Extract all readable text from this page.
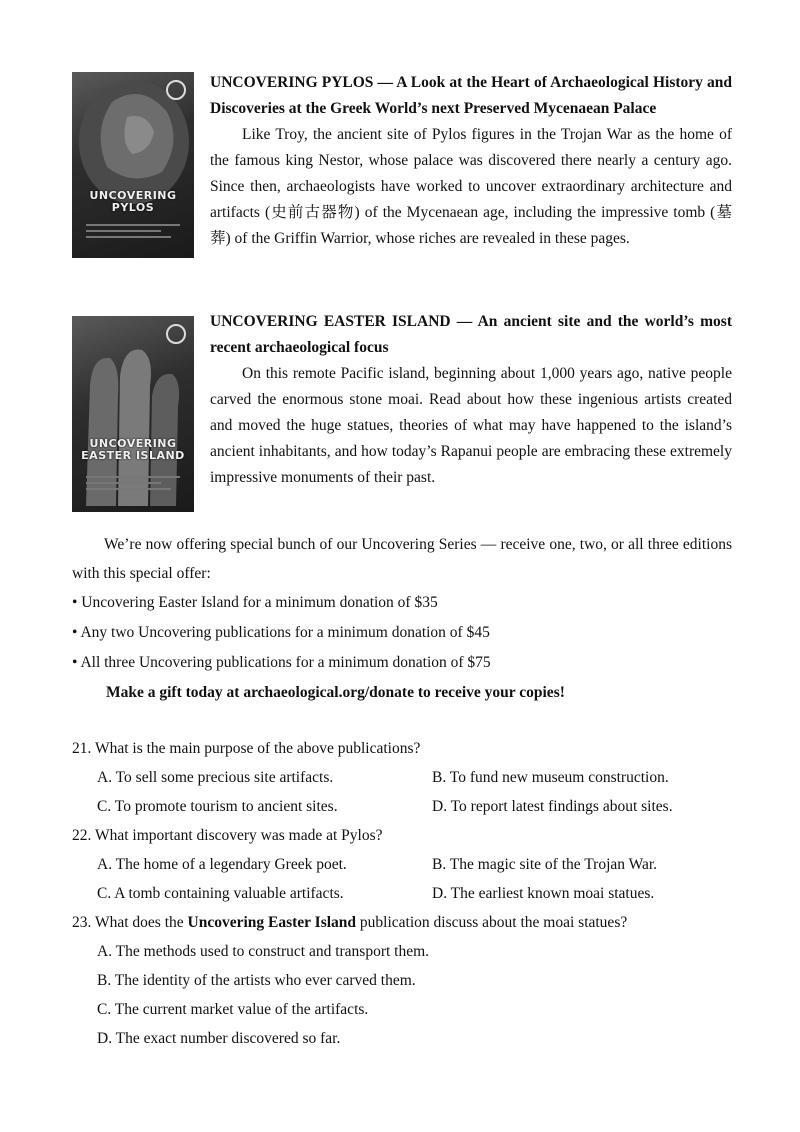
UNCOVERING
PYLOS

UNCOVERING PYLOS — A Look at the Heart of Archaeological History and Discoveries at the Greek World’s next Preserved Mycenaean Palace

Like Troy, the ancient site of Pylos figures in the Trojan War as the home of the famous king Nestor, whose palace was discovered there nearly a century ago. Since then, archaeologists have worked to uncover extraordinary architecture and artifacts (史前古器物) of the Mycenaean age, including the impressive tomb (墓葬) of the Griffin Warrior, whose riches are revealed in these pages.

UNCOVERING
EASTER ISLAND

UNCOVERING EASTER ISLAND — An ancient site and the world’s most recent archaeological focus

On this remote Pacific island, beginning about 1,000 years ago, native people carved the enormous stone moai. Read about how these ingenious artists created and moved the huge statues, theories of what may have happened to the island’s ancient inhabitants, and how today’s Rapanui people are embracing these extremely impressive monuments of their past.

We’re now offering special bunch of our Uncovering Series — receive one, two, or all three editions with this special offer:

• Uncovering Easter Island for a minimum donation of $35

• Any two Uncovering publications for a minimum donation of $45

• All three Uncovering publications for a minimum donation of $75

Make a gift today at archaeological.org/donate to receive your copies!

21. What is the main purpose of the above publications?

A. To sell some precious site artifacts.	B. To fund new museum construction.
C. To promote tourism to ancient sites.	D. To report latest findings about sites.

22. What important discovery was made at Pylos?

A. The home of a legendary Greek poet.	B. The magic site of the Trojan War.
C. A tomb containing valuable artifacts.	D. The earliest known moai statues.

23. What does the Uncovering Easter Island publication discuss about the moai statues?

A. The methods used to construct and transport them.
B. The identity of the artists who ever carved them.
C. The current market value of the artifacts.
D. The exact number discovered so far.
